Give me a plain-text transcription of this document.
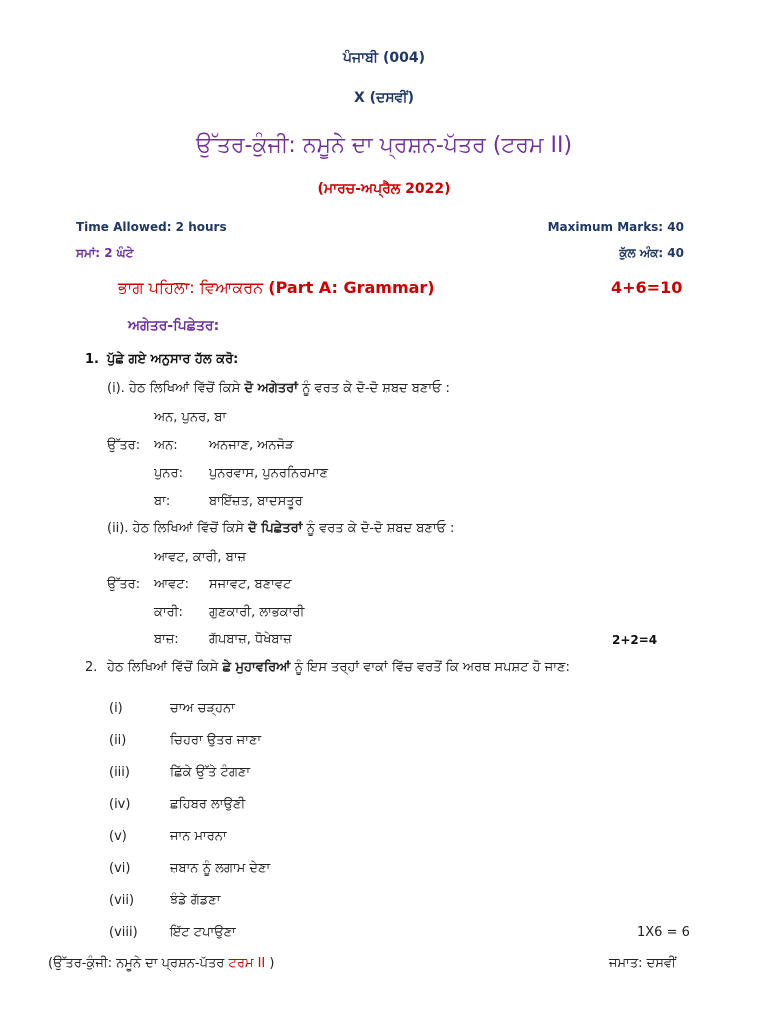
ਪੰਜਾਬੀ (004)
X (ਦਸਵੀਂ)
ਉੱਤਰ-ਕੁੰਜੀ: ਨਮੂਨੇ ਦਾ ਪ੍ਰਸ਼ਨ-ਪੱਤਰ (ਟਰਮ II)
(ਮਾਰਚ-ਅਪ੍ਰੈਲ 2022)
Time Allowed: 2 hours	Maximum Marks: 40
ਸਮਾਂ: 2 ਘੰਟੇ	ਕੁੱਲ ਅੰਕ: 40
ਭਾਗ ਪਹਿਲਾ: ਵਿਆਕਰਨ (Part A: Grammar)	4+6=10
ਅਗੇਤਰ-ਪਿਛੇਤਰ:
1. ਪੁੱਛੇ ਗਏ ਅਨੁਸਾਰ ਹੱਲ ਕਰੋ:
(i). ਹੇਠ ਲਿਖਿਆਂ ਵਿੱਚੋਂ ਕਿਸੇ ਦੋ ਅਗੇਤਰਾਂ ਨੂੰ ਵਰਤ ਕੇ ਦੋ-ਦੋ ਸ਼ਬਦ ਬਣਾਓ :
ਅਨ, ਪੁਨਰ, ਬਾ
ਉੱਤਰ: ਅਨ: ਅਨਜਾਣ, ਅਨਜੋੜ
ਪੁਨਰ: ਪੁਨਰਵਾਸ, ਪੁਨਰਨਿਰਮਾਣ
ਬਾ:	ਬਾਇੱਜ਼ਤ, ਬਾਦਸਤੂਰ
(ii). ਹੇਠ ਲਿਖਿਆਂ ਵਿੱਚੋਂ ਕਿਸੇ ਦੋ ਪਿਛੇਤਰਾਂ ਨੂੰ ਵਰਤ ਕੇ ਦੋ-ਦੋ ਸ਼ਬਦ ਬਣਾਓ :
ਆਵਟ, ਕਾਰੀ, ਬਾਜ਼
ਉੱਤਰ: ਆਵਟ: ਸਜਾਵਟ, ਬਣਾਵਟ
ਕਾਰੀ: ਗੁਣਕਾਰੀ, ਲਾਭਕਾਰੀ
ਬਾਜ਼: ਗੱਪਬਾਜ਼, ਧੋਖੇਬਾਜ਼	2+2=4
2. ਹੇਠ ਲਿਖਿਆਂ ਵਿੱਚੋਂ ਕਿਸੇ ਛੇ ਮੁਹਾਵਰਿਆਂ ਨੂੰ ਇਸ ਤਰ੍ਹਾਂ ਵਾਕਾਂ ਵਿੱਚ ਵਰਤੋਂ ਕਿ ਅਰਥ ਸਪਸ਼ਟ ਹੋ ਜਾਣ:
(i)	ਚਾਅ ਚੜ੍ਹਨਾ
(ii)	ਚਿਹਰਾ ਉਤਰ ਜਾਣਾ
(iii)	ਛਿੱਕੇ ਉੱਤੇ ਟੰਗਣਾ
(iv)	ਛਹਿਬਰ ਲਾਉਣੀ
(v)	ਜਾਨ ਮਾਰਨਾ
(vi)	ਜ਼ਬਾਨ ਨੂੰ ਲਗਾਮ ਦੇਣਾ
(vii)	ਝੰਡੇ ਗੱਡਣਾ
(viii) ਇੱਟ ਟਪਾਉਣਾ	1X6 = 6
(ਉੱਤਰ-ਕੁੰਜੀ: ਨਮੂਨੇ ਦਾ ਪ੍ਰਸ਼ਨ-ਪੱਤਰ ਟਰਮ II )	ਜਮਾਤ: ਦਸਵੀਂ
